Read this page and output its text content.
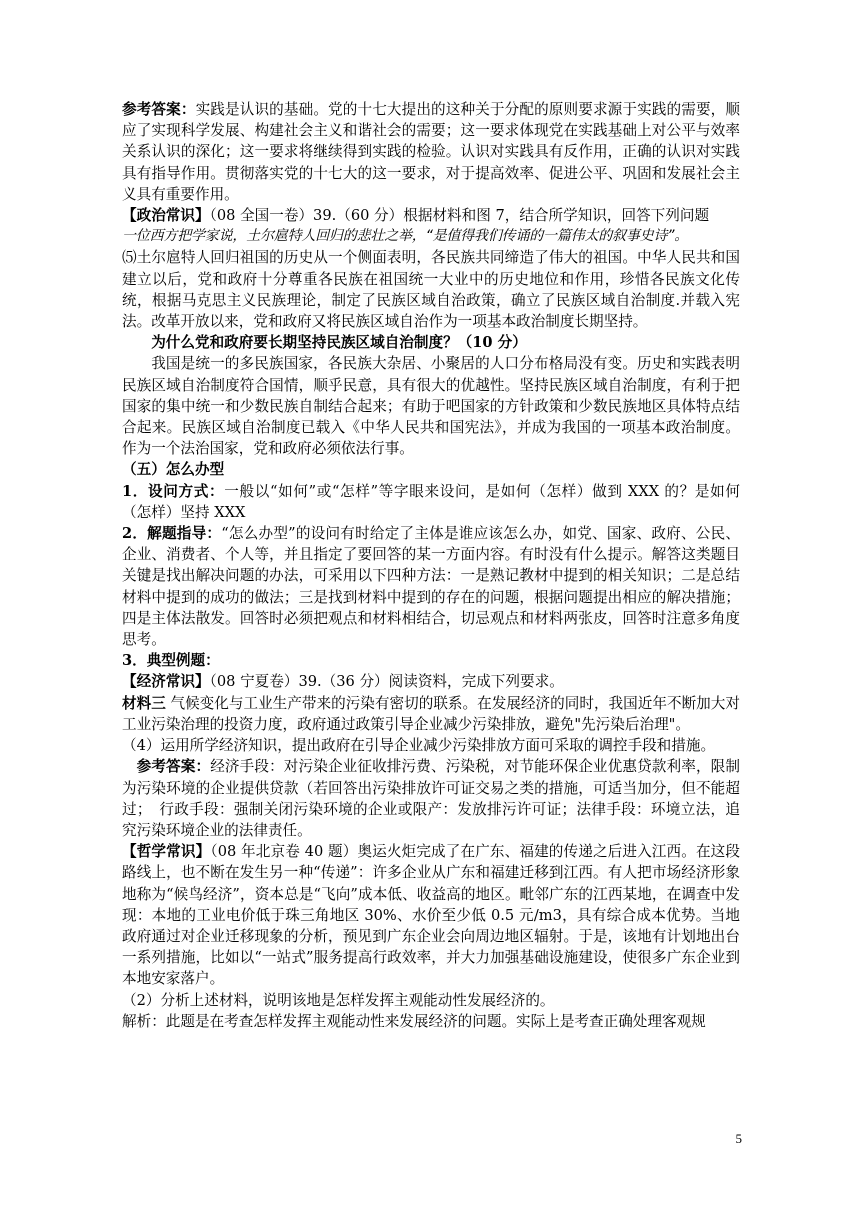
参考答案：实践是认识的基础。党的十七大提出的这种关于分配的原则要求源于实践的需要，顺应了实现科学发展、构建社会主义和谐社会的需要；这一要求体现党在实践基础上对公平与效率关系认识的深化；这一要求将继续得到实践的检验。认识对实践具有反作用，正确的认识对实践具有指导作用。贯彻落实党的十七大的这一要求，对于提高效率、促进公平、巩固和发展社会主义具有重要作用。

【政治常识】（08 全国一卷）39.（60 分）根据材料和图 7，结合所学知识，回答下列问题

一位西方把学家说，土尔扈特人回归的悲壮之举，“是值得我们传诵的一篇伟太的叙事史诗”。

⑸土尔扈特人回归祖国的历史从一个侧面表明，各民族共同缔造了伟大的祖国。中华人民共和国建立以后，党和政府十分尊重各民族在祖国统一大业中的历史地位和作用，珍惜各民族文化传统，根据马克思主义民族理论，制定了民族区域自治政策，确立了民族区域自治制度.并载入宪法。改革开放以来，党和政府又将民族区域自治作为一项基本政治制度长期坚持。

为什么党和政府要长期坚持民族区域自治制度？（10 分）

我国是统一的多民族国家，各民族大杂居、小聚居的人口分布格局没有变。历史和实践表明民族区域自治制度符合国情，顺乎民意，具有很大的优越性。坚持民族区域自治制度，有利于把国家的集中统一和少数民族自制结合起来；有助于吧国家的方针政策和少数民族地区具体特点结合起来。民族区域自治制度已载入《中华人民共和国宪法》，并成为我国的一项基本政治制度。作为一个法治国家，党和政府必须依法行事。

（五）怎么办型

1．设问方式：一般以“如何”或“怎样”等字眼来设问，是如何（怎样）做到 XXX 的？是如何（怎样）坚持 XXX

2．解题指导：“怎么办型”的设问有时给定了主体是谁应该怎么办，如党、国家、政府、公民、企业、消费者、个人等，并且指定了要回答的某一方面内容。有时没有什么提示。解答这类题目关键是找出解决问题的办法，可采用以下四种方法：一是熟记教材中提到的相关知识；二是总结材料中提到的成功的做法；三是找到材料中提到的存在的问题，根据问题提出相应的解决措施；四是主体法散发。回答时必须把观点和材料相结合，切忌观点和材料两张皮，回答时注意多角度思考。

3．典型例题：

【经济常识】（08 宁夏卷）39.（36 分）阅读资料，完成下列要求。

材料三 气候变化与工业生产带来的污染有密切的联系。在发展经济的同时，我国近年不断加大对工业污染治理的投资力度，政府通过政策引导企业减少污染排放，避免"先污染后治理"。

（4）运用所学经济知识，提出政府在引导企业减少污染排放方面可采取的调控手段和措施。

参考答案：经济手段：对污染企业征收排污费、污染税，对节能环保企业优惠贷款利率，限制为污染环境的企业提供贷款（若回答出污染排放许可证交易之类的措施，可适当加分，但不能超过；　行政手段：强制关闭污染环境的企业或限产：发放排污许可证；法律手段：环境立法，追究污染环境企业的法律责任。

【哲学常识】（08 年北京卷 40 题）奥运火炬完成了在广东、福建的传递之后进入江西。在这段路线上，也不断在发生另一种“传递”：许多企业从广东和福建迁移到江西。有人把市场经济形象地称为“候鸟经济”，资本总是“飞向”成本低、收益高的地区。毗邻广东的江西某地，在调查中发现：本地的工业电价低于珠三角地区 30%、水价至少低 0.5 元/m3，具有综合成本优势。当地政府通过对企业迁移现象的分析，预见到广东企业会向周边地区辐射。于是，该地有计划地出台一系列措施，比如以“一站式”服务提高行政效率，并大力加强基础设施建设，使很多广东企业到本地安家落户。

（2）分析上述材料，说明该地是怎样发挥主观能动性发展经济的。

解析：此题是在考查怎样发挥主观能动性来发展经济的问题。实际上是考查正确处理客观规

5
